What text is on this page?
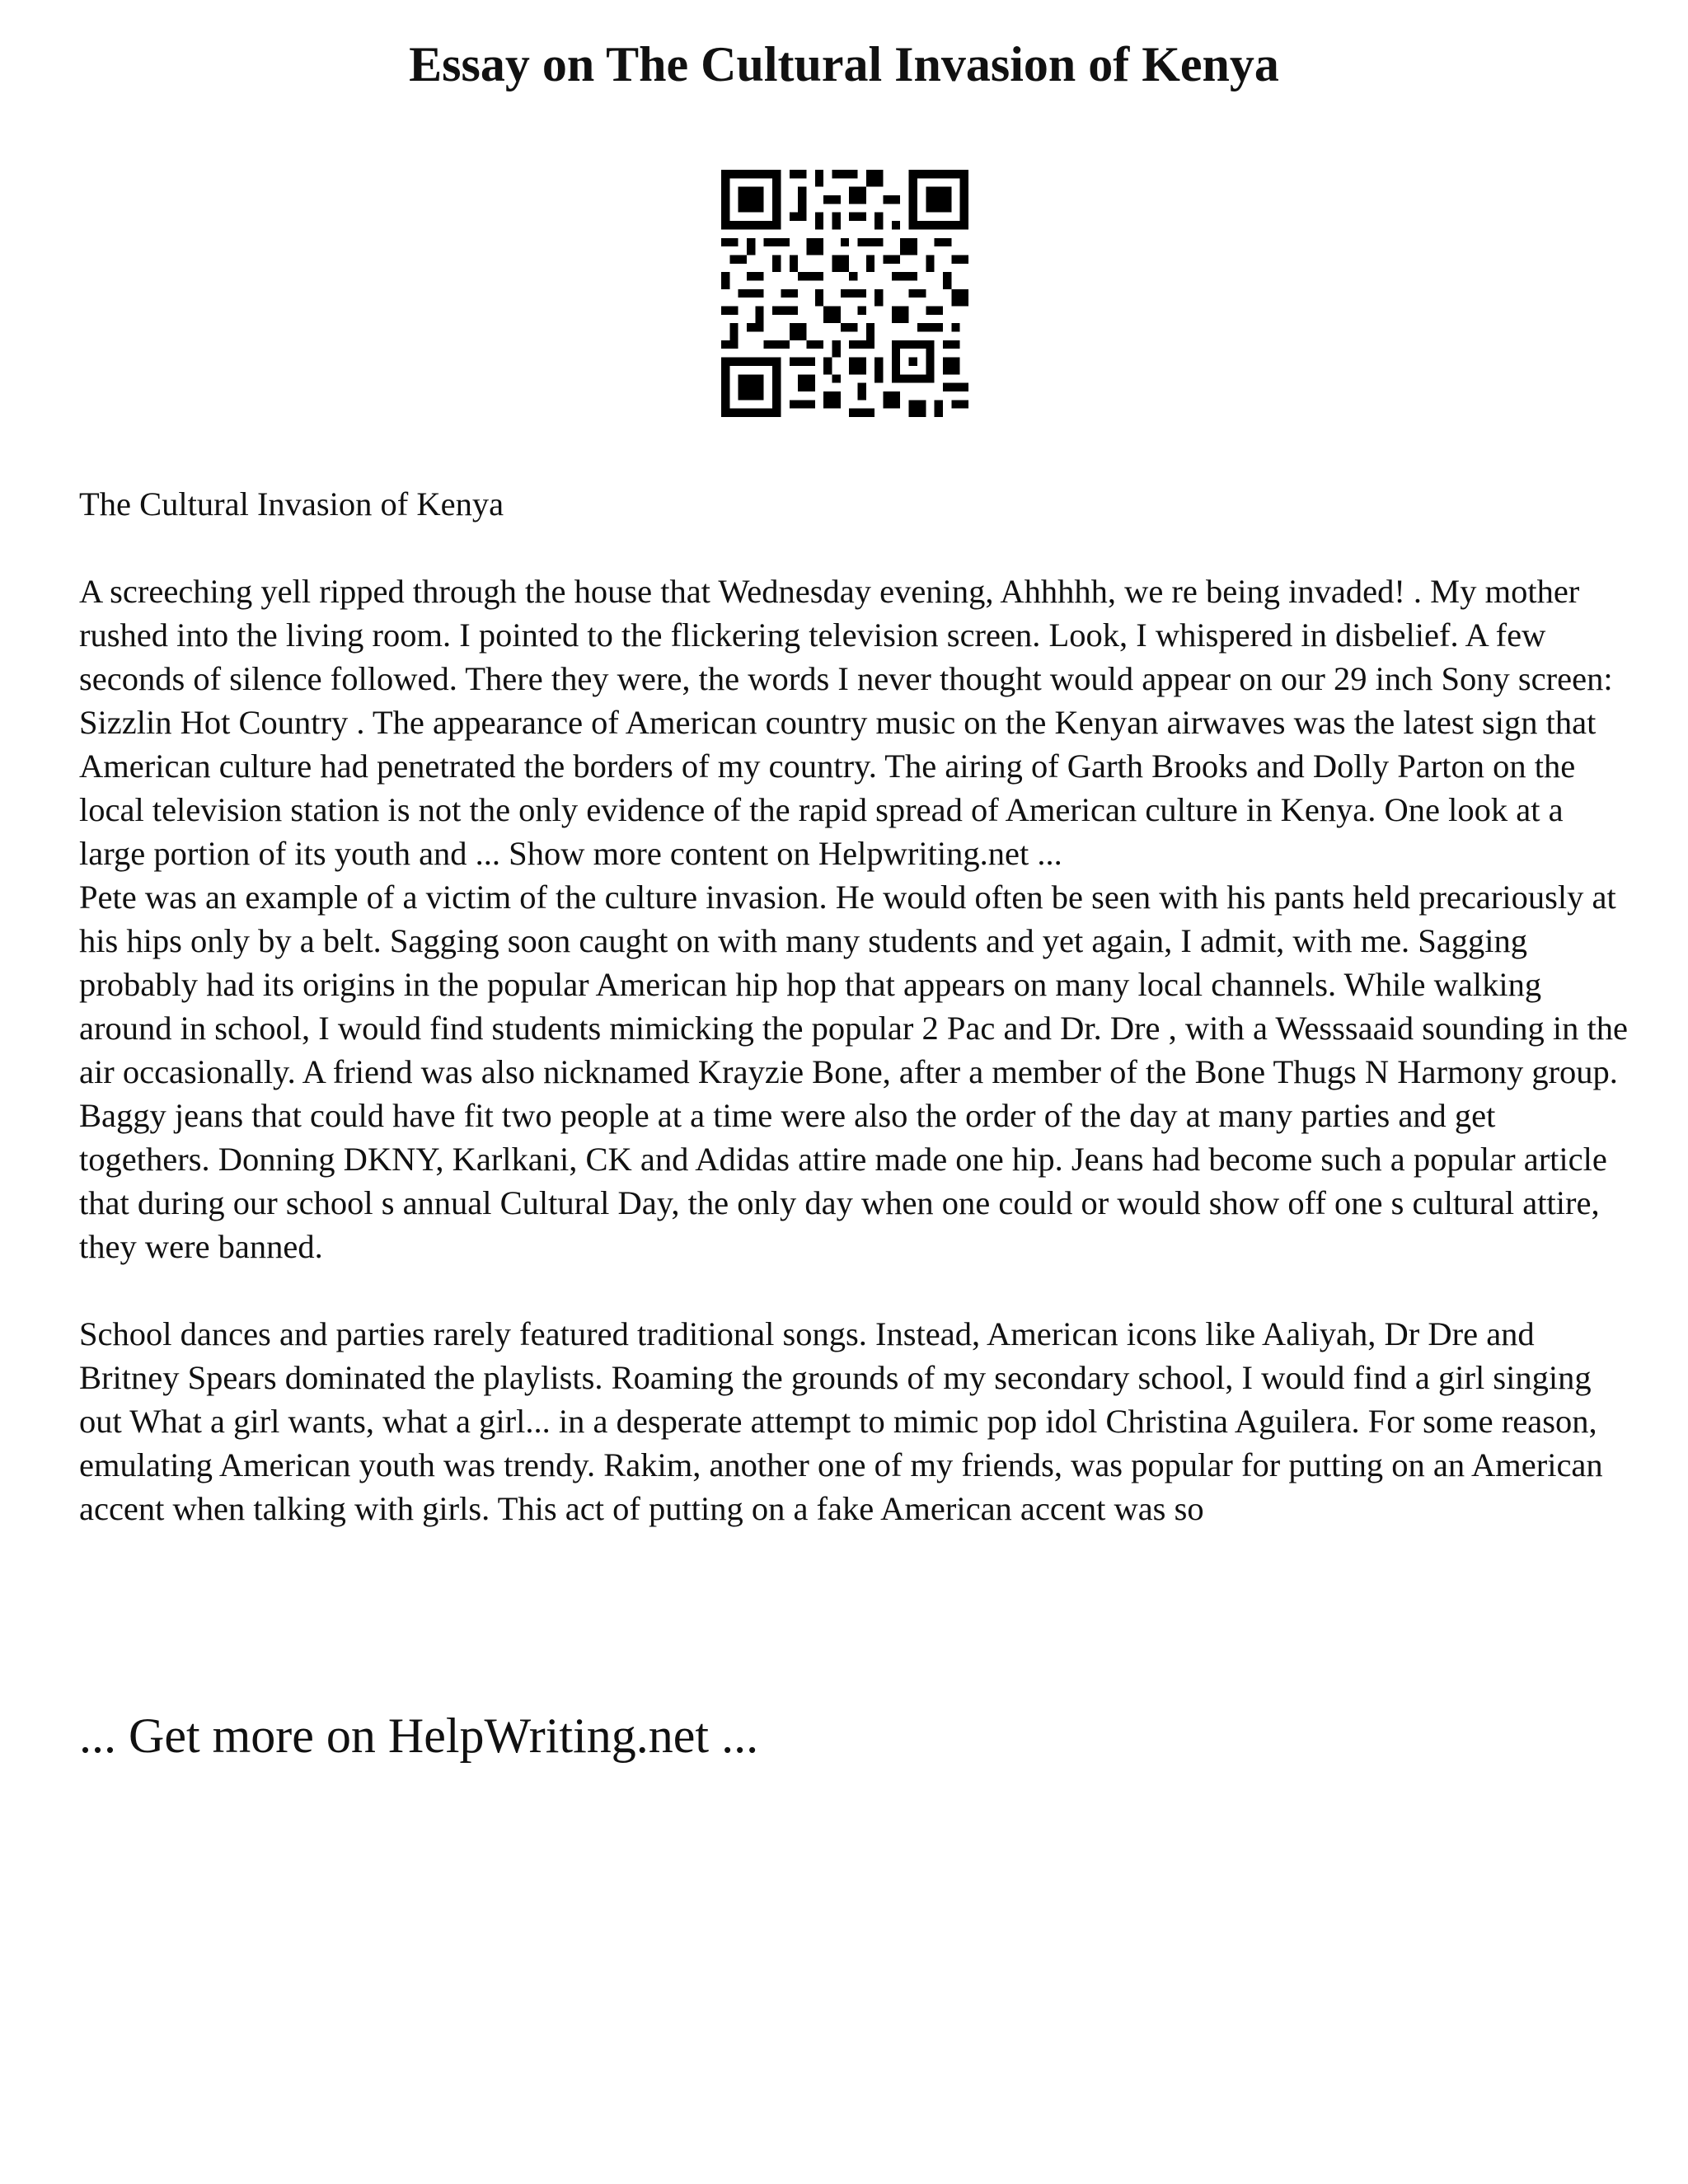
Essay on The Cultural Invasion of Kenya

The Cultural Invasion of Kenya

A screeching yell ripped through the house that Wednesday evening, Ahhhhh, we re being invaded! . My mother rushed into the living room. I pointed to the flickering television screen. Look, I whispered in disbelief. A few seconds of silence followed. There they were, the words I never thought would appear on our 29 inch Sony screen: Sizzlin Hot Country . The appearance of American country music on the Kenyan airwaves was the latest sign that American culture had penetrated the borders of my country. The airing of Garth Brooks and Dolly Parton on the local television station is not the only evidence of the rapid spread of American culture in Kenya. One look at a large portion of its youth and ... Show more content on Helpwriting.net ...

Pete was an example of a victim of the culture invasion. He would often be seen with his pants held precariously at his hips only by a belt. Sagging soon caught on with many students and yet again, I admit, with me. Sagging probably had its origins in the popular American hip hop that appears on many local channels. While walking around in school, I would find students mimicking the popular 2 Pac and Dr. Dre , with a Wesssaaid sounding in the air occasionally. A friend was also nicknamed Krayzie Bone, after a member of the Bone Thugs N Harmony group. Baggy jeans that could have fit two people at a time were also the order of the day at many parties and get togethers. Donning DKNY, Karlkani, CK and Adidas attire made one hip. Jeans had become such a popular article that during our school s annual Cultural Day, the only day when one could or would show off one s cultural attire, they were banned.

School dances and parties rarely featured traditional songs. Instead, American icons like Aaliyah, Dr Dre and Britney Spears dominated the playlists. Roaming the grounds of my secondary school, I would find a girl singing out What a girl wants, what a girl... in a desperate attempt to mimic pop idol Christina Aguilera. For some reason, emulating American youth was trendy. Rakim, another one of my friends, was popular for putting on an American accent when talking with girls. This act of putting on a fake American accent was so

... Get more on HelpWriting.net ...
